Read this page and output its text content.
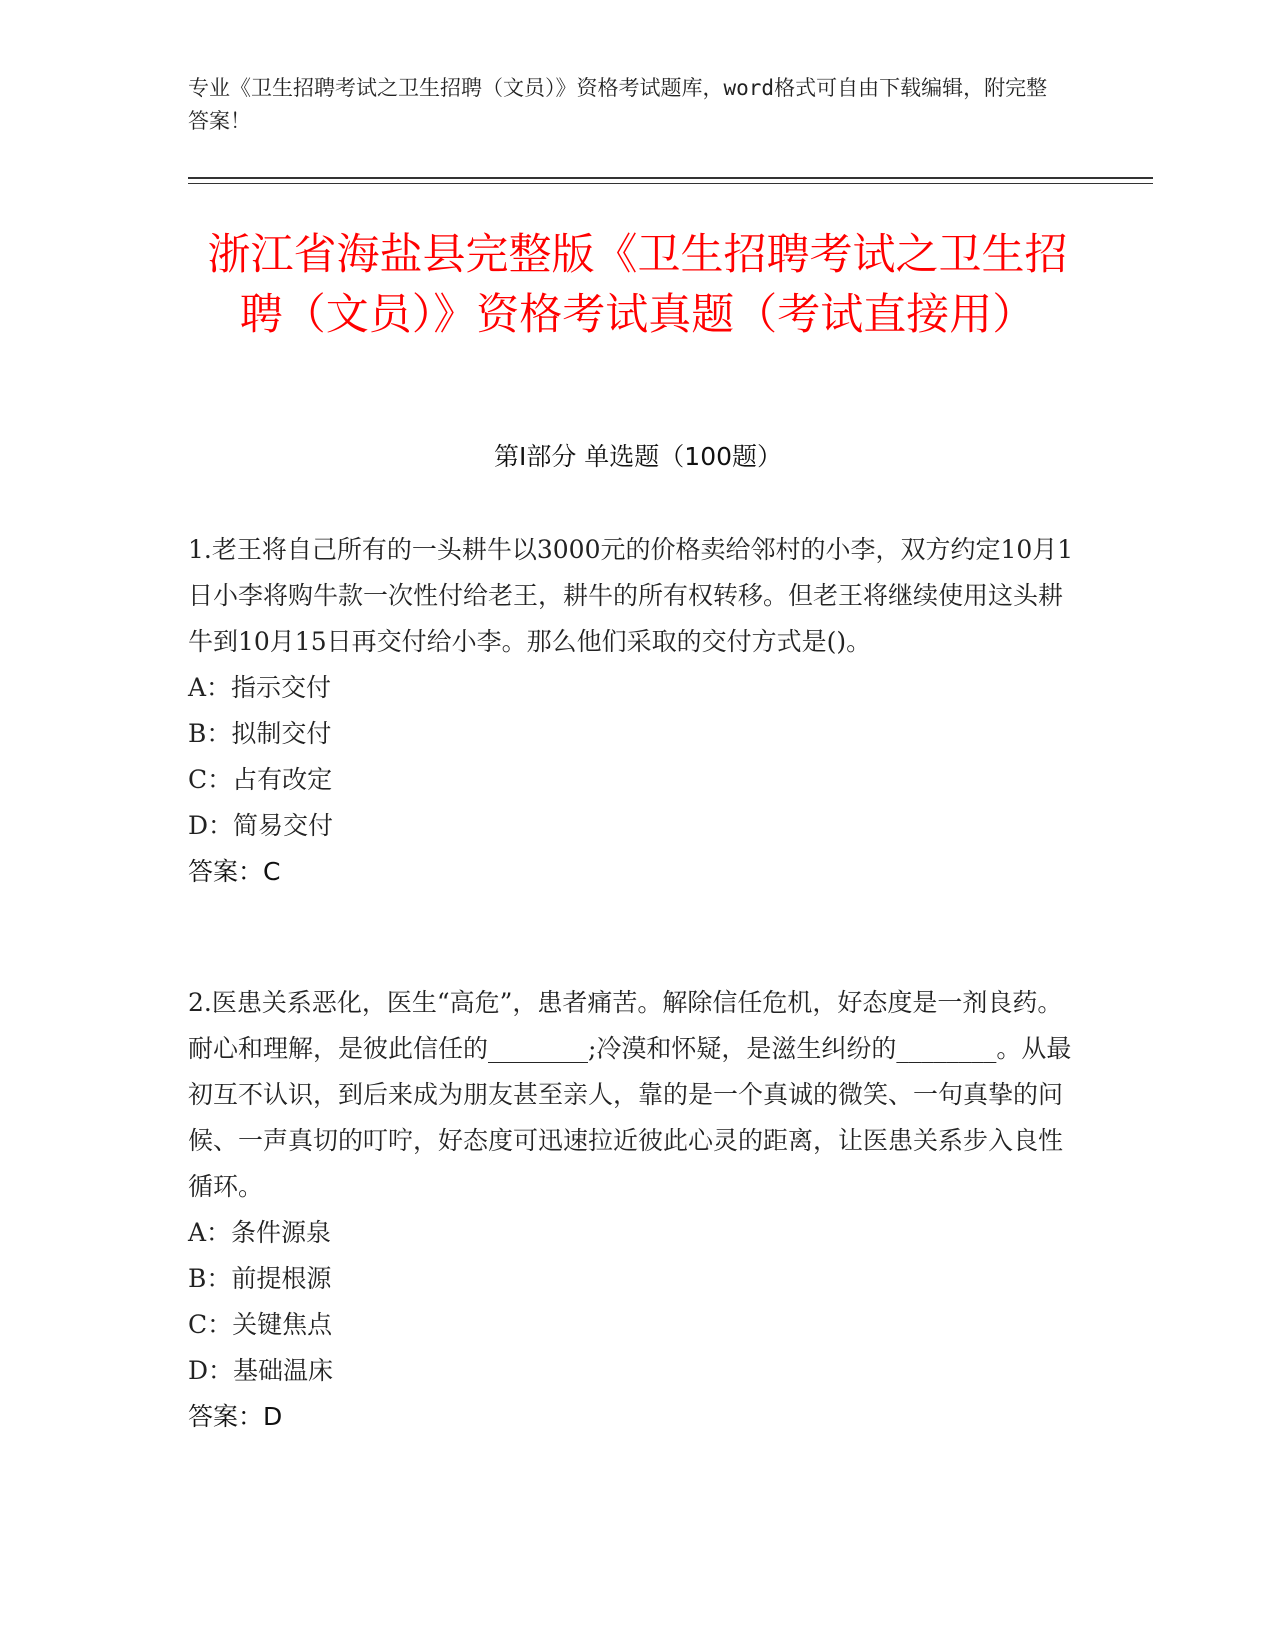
专业《卫生招聘考试之卫生招聘（文员）》资格考试题库，word格式可自由下载编辑，附完整答案！
浙江省海盐县完整版《卫生招聘考试之卫生招聘（文员）》资格考试真题（考试直接用）
第Ⅰ部分 单选题（100题）
1.老王将自己所有的一头耕牛以3000元的价格卖给邻村的小李，双方约定10月1日小李将购牛款一次性付给老王，耕牛的所有权转移。但老王将继续使用这头耕牛到10月15日再交付给小李。那么他们采取的交付方式是()。
A：指示交付
B：拟制交付
C：占有改定
D：简易交付
答案：C
2.医患关系恶化，医生“高危”，患者痛苦。解除信任危机，好态度是一剂良药。耐心和理解，是彼此信任的________;冷漠和怀疑，是滋生纠纷的________。从最初互不认识，到后来成为朋友甚至亲人，靠的是一个真诚的微笑、一句真挚的问候、一声真切的叮咛，好态度可迅速拉近彼此心灵的距离，让医患关系步入良性循环。
A：条件源泉
B：前提根源
C：关键焦点
D：基础温床
答案：D
